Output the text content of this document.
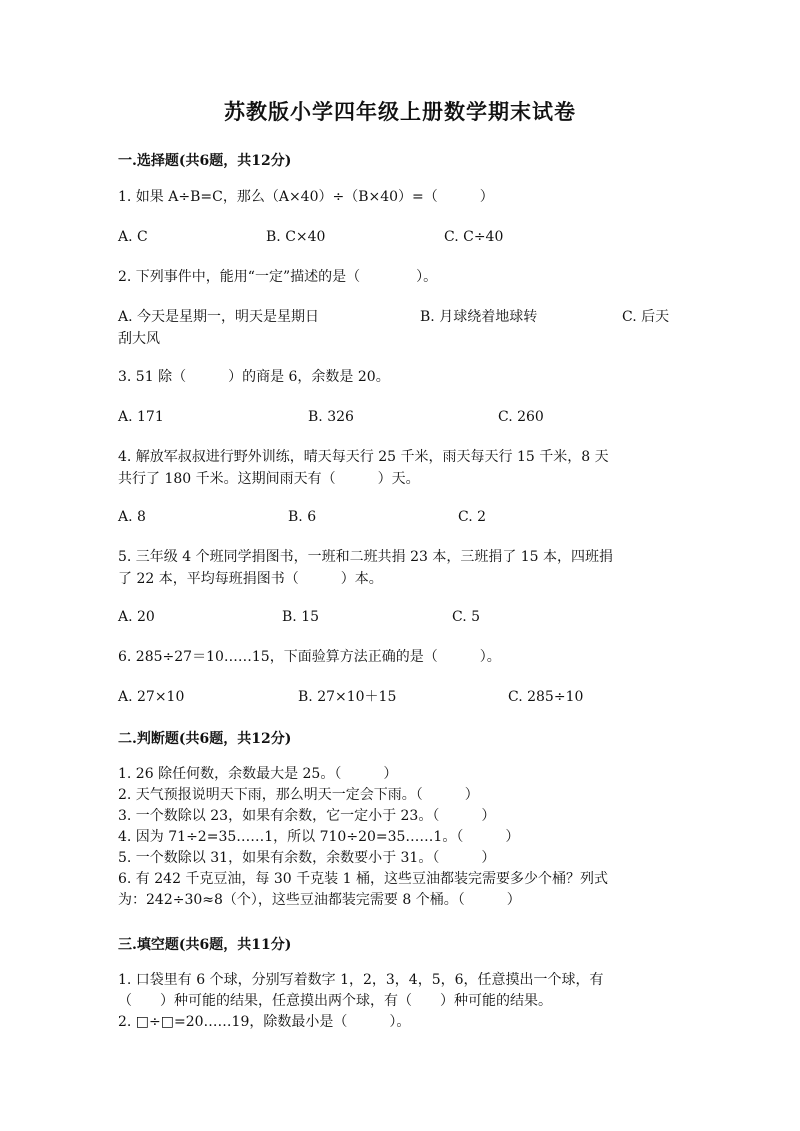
苏教版小学四年级上册数学期末试卷
一.选择题(共6题，共12分)
1. 如果 A÷B=C，那么（A×40）÷（B×40）=（　　　）
A. C	B. C×40	C. C÷40
2. 下列事件中，能用“一定”描述的是（　　　　）。
A. 今天是星期一，明天是星期日	B. 月球绕着地球转	C. 后天
刮大风
3. 51 除（　　　）的商是 6，余数是 20。
A. 171	B. 326	C. 260
4. 解放军叔叔进行野外训练，晴天每天行 25 千米，雨天每天行 15 千米，8 天
共行了 180 千米。这期间雨天有（　　　）天。
A. 8	B. 6	C. 2
5. 三年级 4 个班同学捐图书，一班和二班共捐 23 本，三班捐了 15 本，四班捐
了 22 本，平均每班捐图书（　　　）本。
A. 20	B. 15	C. 5
6. 285÷27＝10……15，下面验算方法正确的是（　　　）。
A. 27×10	B. 27×10＋15	C. 285÷10
二.判断题(共6题，共12分)
1. 26 除任何数，余数最大是 25。（　　　）
2. 天气预报说明天下雨，那么明天一定会下雨。（　　　）
3. 一个数除以 23，如果有余数，它一定小于 23。（　　　）
4. 因为 71÷2=35……1，所以 710÷20=35……1。（　　　）
5. 一个数除以 31，如果有余数，余数要小于 31。（　　　）
6. 有 242 千克豆油，每 30 千克装 1 桶，这些豆油都装完需要多少个桶？列式
为：242÷30≈8（个），这些豆油都装完需要 8 个桶。（　　　）
三.填空题(共6题，共11分)
1. 口袋里有 6 个球，分别写着数字 1，2，3，4，5，6，任意摸出一个球，有
（　　）种可能的结果，任意摸出两个球，有（　　）种可能的结果。
2. □÷□=20……19，除数最小是（　　　）。
